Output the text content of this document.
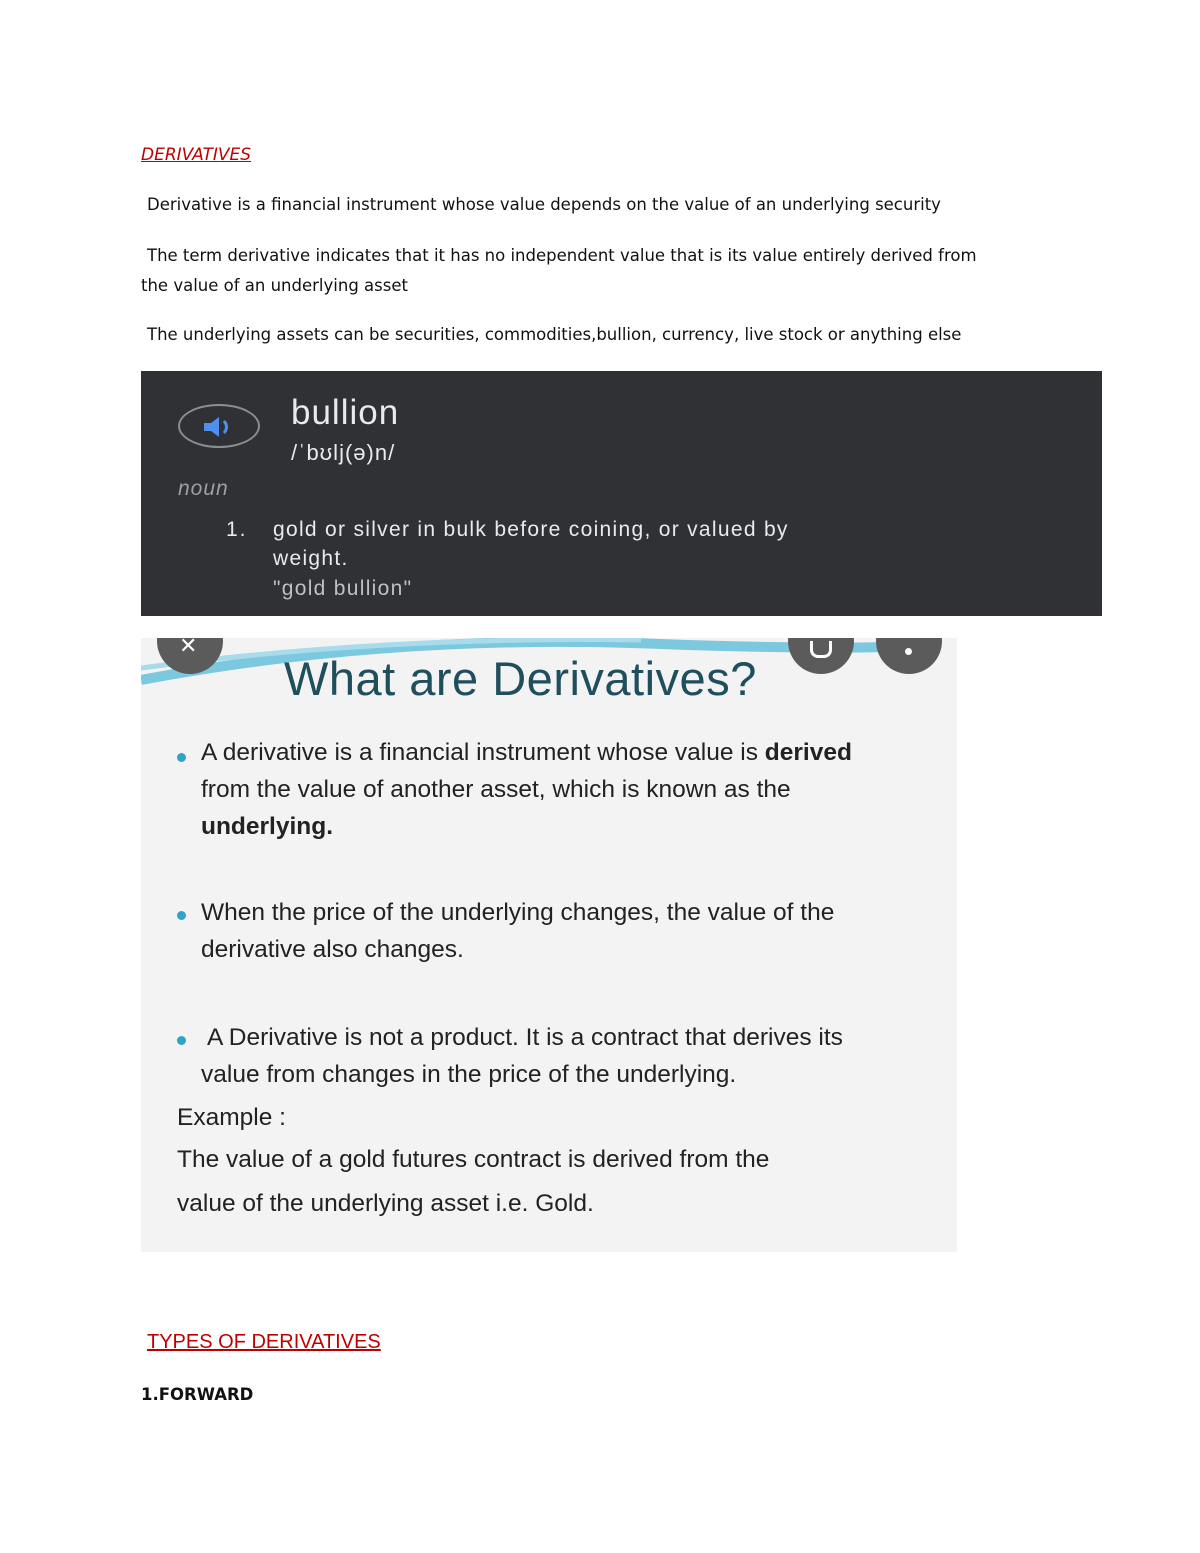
DERIVATIVES
Derivative is a financial instrument whose value depends on the value of an underlying security
The term derivative indicates that it has no independent value that is its value entirely derived from
the value of an underlying asset
The underlying assets can be securities, commodities,bullion, currency, live stock or anything else
bullion
/ˈbʊlj(ə)n/
noun
1. gold or silver in bulk before coining, or valued by
weight.
"gold bullion"
✕
What are Derivatives?
A derivative is a financial instrument whose value is derived
from the value of another asset, which is known as the
underlying.
When the price of the underlying changes, the value of the
derivative also changes.
A Derivative is not a product. It is a contract that derives its
value from changes in the price of the underlying.
Example :
The value of a gold futures contract is derived from the
value of the underlying asset i.e. Gold.
TYPES OF DERIVATIVES
1.FORWARD
